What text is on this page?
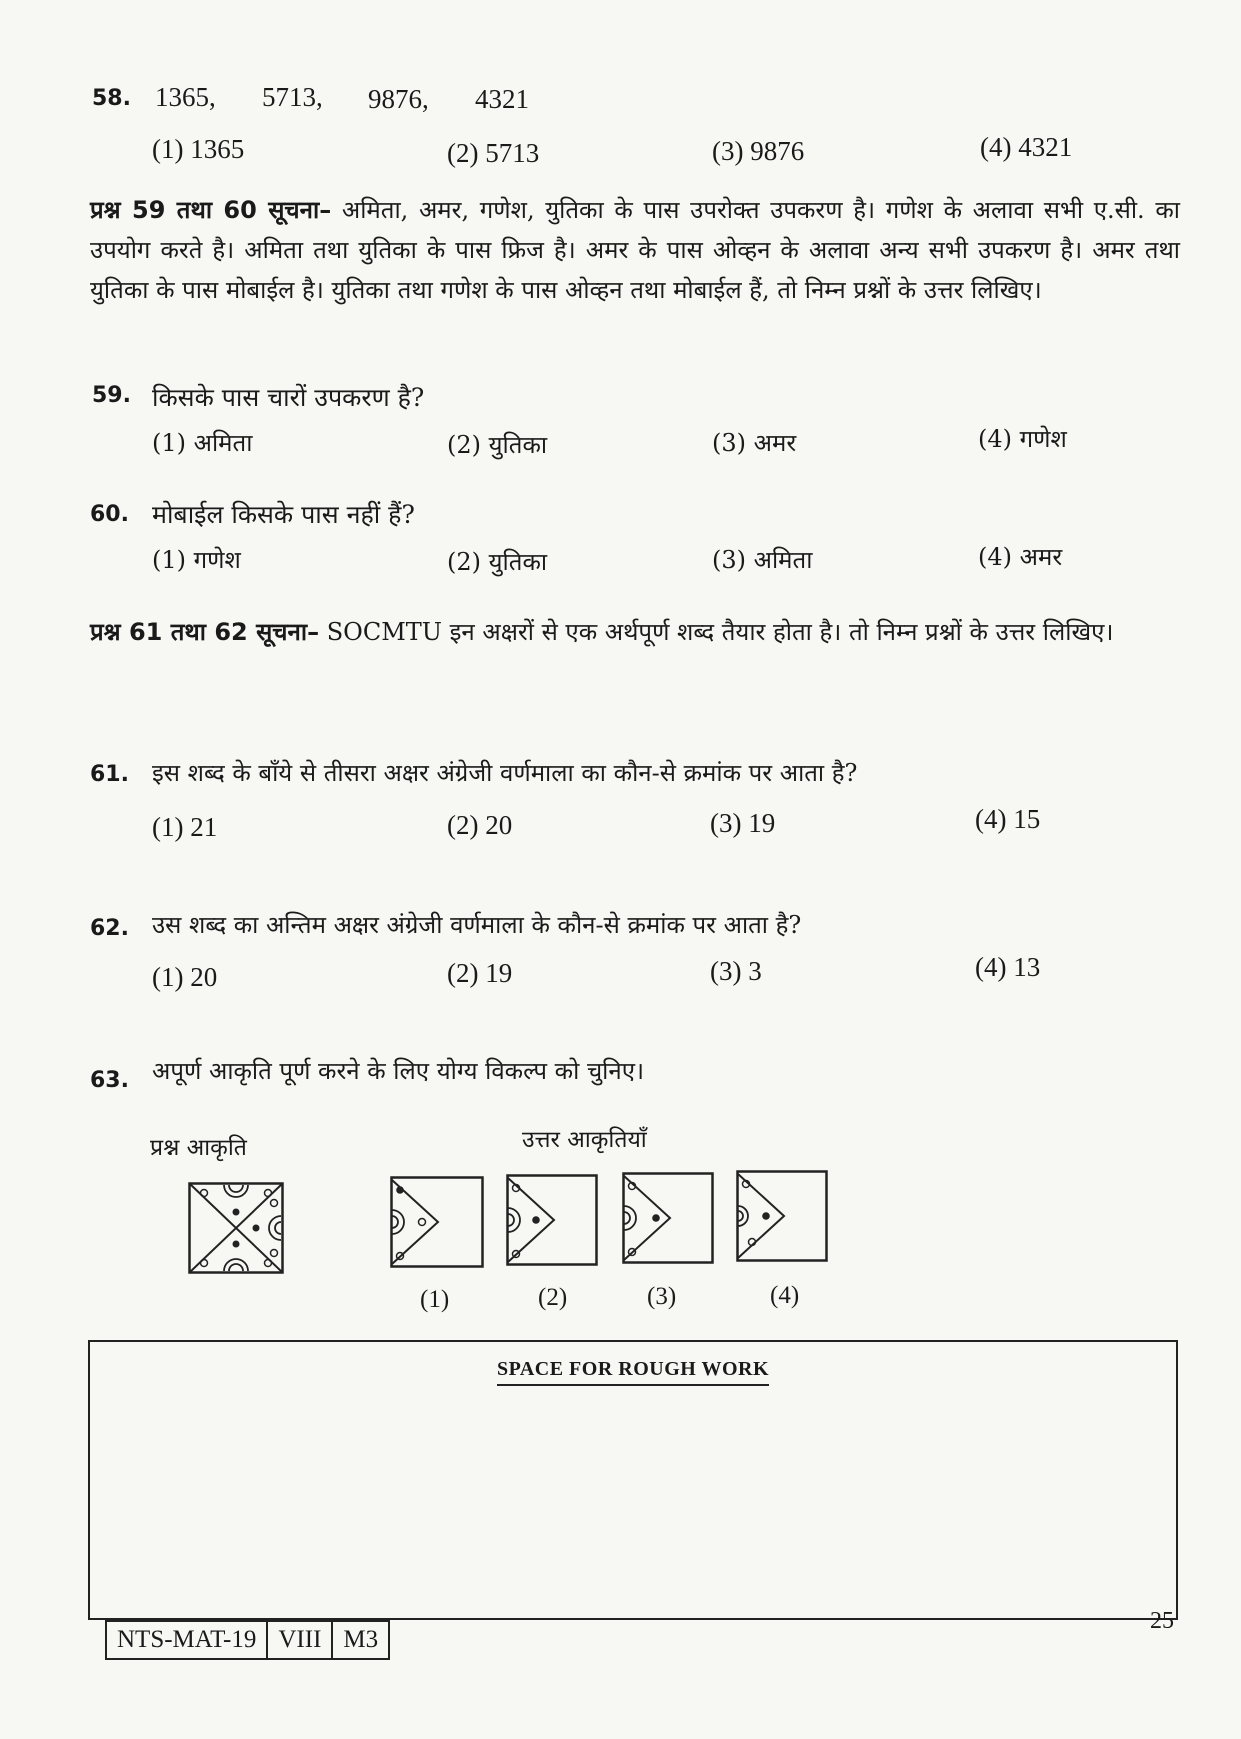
58. 1365, 5713, 9876, 4321
(1) 1365	(2) 5713	(3) 9876	(4) 4321
प्रश्न 59 तथा 60 सूचना– अमिता, अमर, गणेश, युतिका के पास उपरोक्त उपकरण है। गणेश के अलावा सभी ए.सी. का उपयोग करते है। अमिता तथा युतिका के पास फ्रिज है। अमर के पास ओव्हन के अलावा अन्य सभी उपकरण है। अमर तथा युतिका के पास मोबाईल है। युतिका तथा गणेश के पास ओव्हन तथा मोबाईल हैं, तो निम्न प्रश्नों के उत्तर लिखिए।
59. किसके पास चारों उपकरण है?
(1) अमिता	(2) युतिका	(3) अमर	(4) गणेश
60. मोबाईल किसके पास नहीं हैं?
(1) गणेश	(2) युतिका	(3) अमिता	(4) अमर
प्रश्न 61 तथा 62 सूचना– SOCMTU इन अक्षरों से एक अर्थपूर्ण शब्द तैयार होता है। तो निम्न प्रश्नों के उत्तर लिखिए।
61. इस शब्द के बाँये से तीसरा अक्षर अंग्रेजी वर्णमाला का कौन-से क्रमांक पर आता है?
(1) 21	(2) 20	(3) 19	(4) 15
62. उस शब्द का अन्तिम अक्षर अंग्रेजी वर्णमाला के कौन-से क्रमांक पर आता है?
(1) 20	(2) 19	(3) 3	(4) 13
63. अपूर्ण आकृति पूर्ण करने के लिए योग्य विकल्प को चुनिए।
प्रश्न आकृति	उत्तर आकृतियाँ
(1)	(2)	(3)	(4)
SPACE FOR ROUGH WORK
NTS-MAT-19 VIII M3
25
